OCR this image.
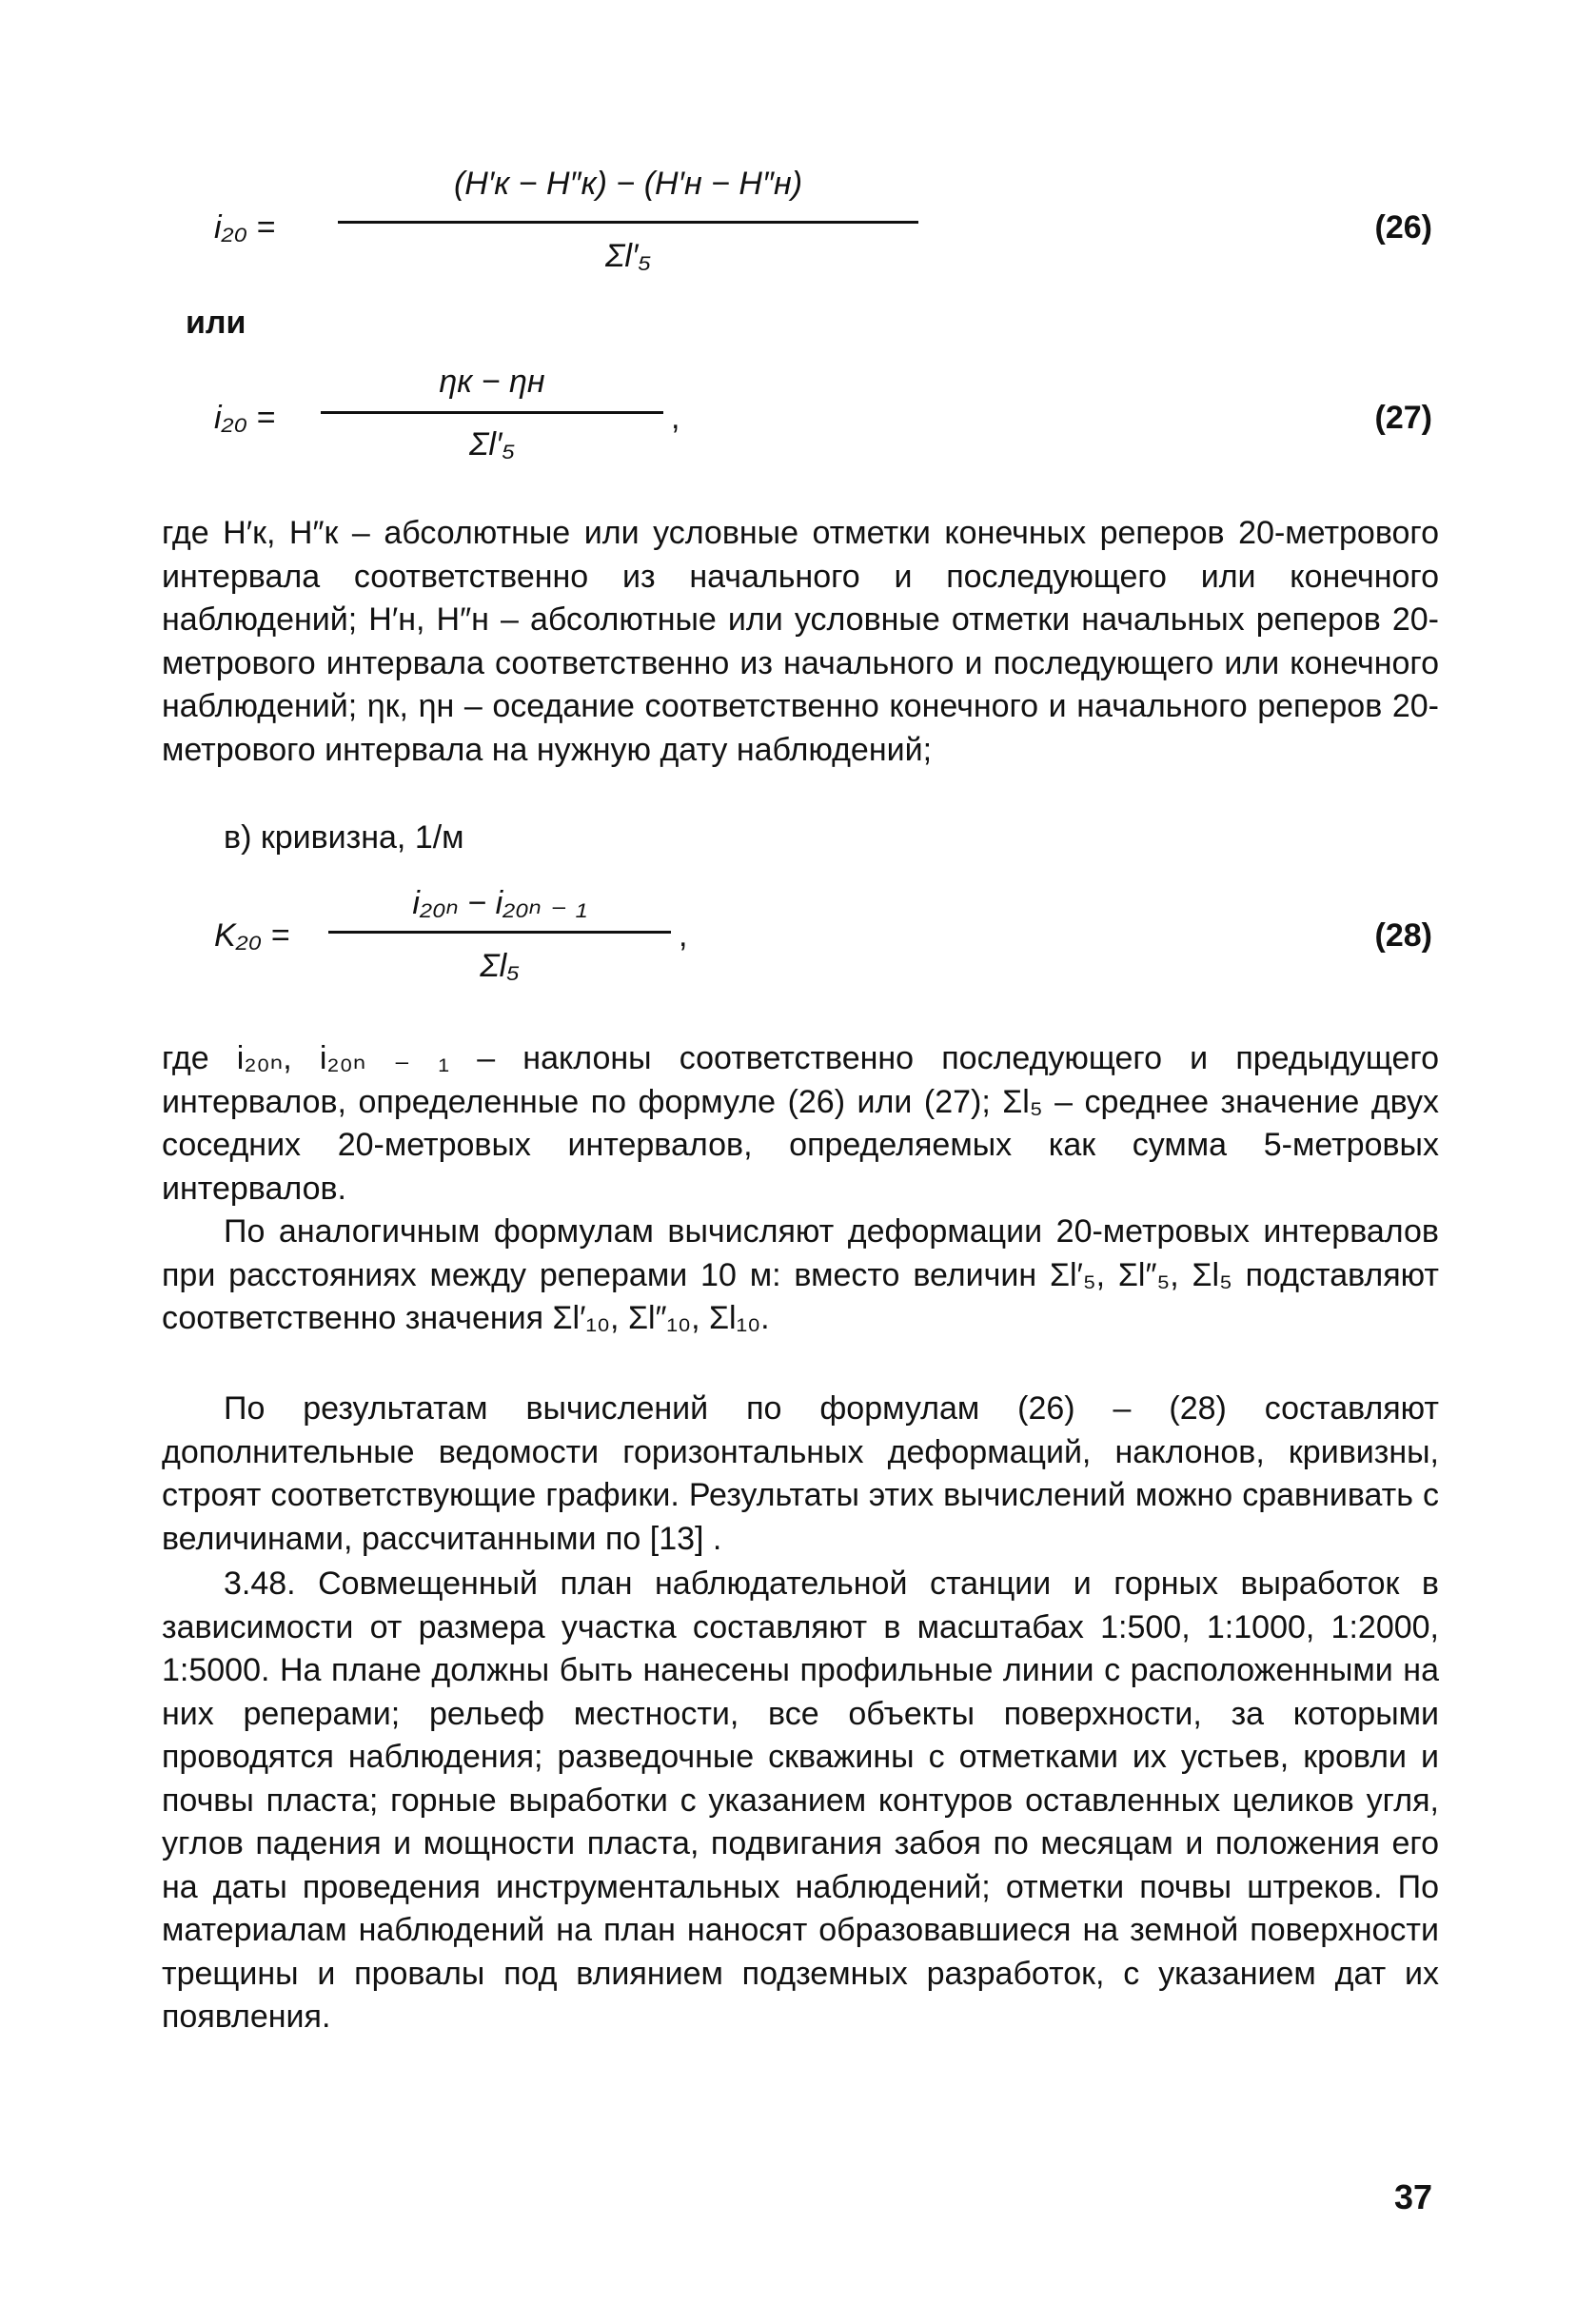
i₂₀ =
(H′к − H″к) − (H′н − H″н)
Σl′₅
(26)
или
i₂₀ =
ηк − ηн
Σl′₅
,	(27)

где H′к, H″к – абсолютные или условные отметки конечных реперов 20-метрового интервала соответственно из начального и последующего или конечного наблюдений; H′н, H″н – абсолютные или условные отметки начальных реперов 20-метрового интервала соответственно из начального и последующего или конечного наблюдений; ηк, ηн – оседание соответственно конечного и начального реперов 20-метрового интервала на нужную дату наблюдений;

в) кривизна, 1/м

K₂₀ =
i₂₀ₙ − i₂₀ₙ ₋ ₁
Σl₅
,	(28)

где i₂₀ₙ, i₂₀ₙ ₋ ₁ – наклоны соответственно последующего и предыдущего интервалов, определенные по формуле (26) или (27); Σl₅ – среднее значение двух соседних 20-метровых интервалов, определяемых как сумма 5-метровых интервалов.

По аналогичным формулам вычисляют деформации 20-метровых интервалов при расстояниях между реперами 10 м: вместо величин Σl′₅, Σl″₅, Σl₅ подставляют соответственно значения Σl′₁₀, Σl″₁₀, Σl₁₀.

По результатам вычислений по формулам (26) – (28) составляют дополнительные ведомости горизонтальных деформаций, наклонов, кривизны, строят соответствующие графики. Результаты этих вычислений можно сравнивать с величинами, рассчитанными по [13] .

3.48. Совмещенный план наблюдательной станции и горных выработок в зависимости от размера участка составляют в масштабах 1:500, 1:1000, 1:2000, 1:5000. На плане должны быть нанесены профильные линии с расположенными на них реперами; рельеф местности, все объекты поверхности, за которыми проводятся наблюдения; разведочные скважины с отметками их устьев, кровли и почвы пласта; горные выработки с указанием контуров оставленных целиков угля, углов падения и мощности пласта, подвигания забоя по месяцам и положения его на даты проведения инструментальных наблюдений; отметки почвы штреков. По материалам наблюдений на план наносят образовавшиеся на земной поверхности трещины и провалы под влиянием подземных разработок, с указанием дат их появления.

37
